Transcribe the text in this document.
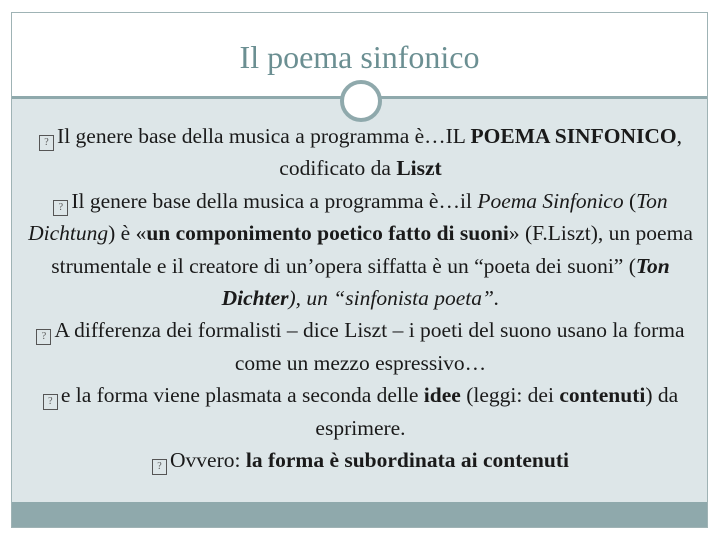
Il poema sinfonico

? Il genere base della musica a programma è…IL POEMA SINFONICO, codificato da Liszt

? Il genere base della musica a programma è…il Poema Sinfonico (Ton Dichtung) è «un componimento poetico fatto di suoni» (F.Liszt), un poema strumentale e il creatore di un’opera siffatta è un “poeta dei suoni” (Ton Dichter), un “sinfonista poeta”.

? A differenza dei formalisti – dice Liszt – i poeti del suono usano la forma come un mezzo espressivo…

? e la forma viene plasmata a seconda delle idee (leggi: dei contenuti) da esprimere.

? Ovvero: la forma è subordinata ai contenuti
